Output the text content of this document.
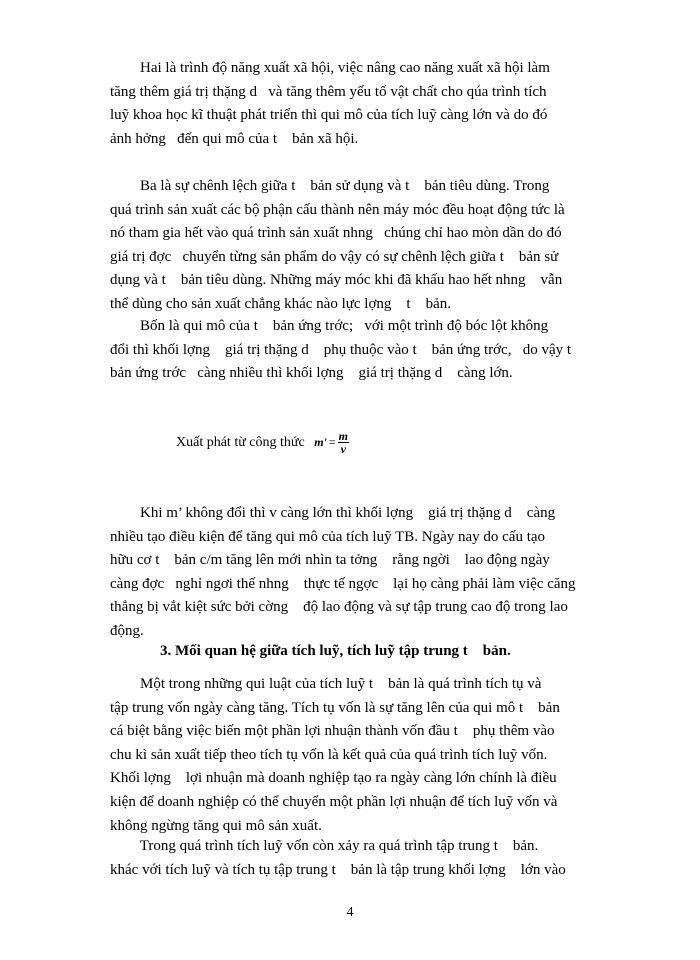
Hai là trình độ năng xuất xã hội, việc nâng cao năng xuất xã hội làm
tăng thêm giá trị thặng d   và tăng thêm yếu tố vật chất cho qúa trình tích
luỹ khoa học kĩ thuật phát triển thì qui mô của tích luỹ càng lớn và do đó
ảnh hởng   đến qui mô của t    bản xã hội.
Ba là sự chênh lệch giữa t    bản sử dụng và t    bản tiêu dùng. Trong
quá trình sản xuất các bộ phận cấu thành nên máy móc đều hoạt động tức là
nó tham gia hết vào quá trình sản xuất nhng   chúng chỉ hao mòn dần do đó
giá trị đợc   chuyển từng sản phẩm do vậy có sự chênh lệch giữa t    bản sử
dụng và t    bản tiêu dùng. Những máy móc khi đã khấu hao hết nhng    vẫn
thể dùng cho sản xuất chẳng khác nào lực lợng    t    bản.
Bốn là qui mô của t    bản ứng trớc;   với một trình độ bóc lột không
đổi thì khối lợng    giá trị thặng d    phụ thuộc vào t    bản ứng trớc,   do vậy t
bản ứng trớc   càng nhiều thì khối lợng    giá trị thặng d    càng lớn.
Xuất phát từ công thức $m' = \frac{m}{v}$
Khi m’ không đổi thì v càng lớn thì khối lợng    giá trị thặng d    càng
nhiều tạo điều kiện để tăng qui mô của tích luỹ TB. Ngày nay do cấu tạo
hữu cơ t    bản c/m tăng lên mới nhìn ta tởng    rằng ngời    lao động ngày
càng đợc   nghỉ ngơi thế nhng    thực tế ngợc    lại họ càng phải làm việc căng
thẳng bị vắt kiệt sức bởi cờng    độ lao động và sự tập trung cao độ trong lao
động.
3. Mối quan hệ giữa tích luỹ, tích luỹ tập trung t    bản.
Một trong những qui luật của tích luỹ t    bản là quá trình tích tụ và
tập trung vốn ngày càng tăng. Tích tụ vốn là sự tăng lên của qui mô t    bản
cá biệt bằng việc biến một phần lợi nhuận thành vốn đầu t    phụ thêm vào
chu kì sản xuất tiếp theo tích tụ vốn là kết quả của quá trình tích luỹ vốn.
Khối lợng    lợi nhuận mà doanh nghiệp tạo ra ngày càng lớn chính là điều
kiện để doanh nghiệp có thể chuyển một phần lợi nhuận để tích luỹ vốn và
không ngừng tăng qui mô sản xuất.
Trong quá trình tích luỹ vốn còn xảy ra quá trình tập trung t    bản.
khác với tích luỹ và tích tụ tập trung t    bản là tập trung khối lợng    lớn vào
4
